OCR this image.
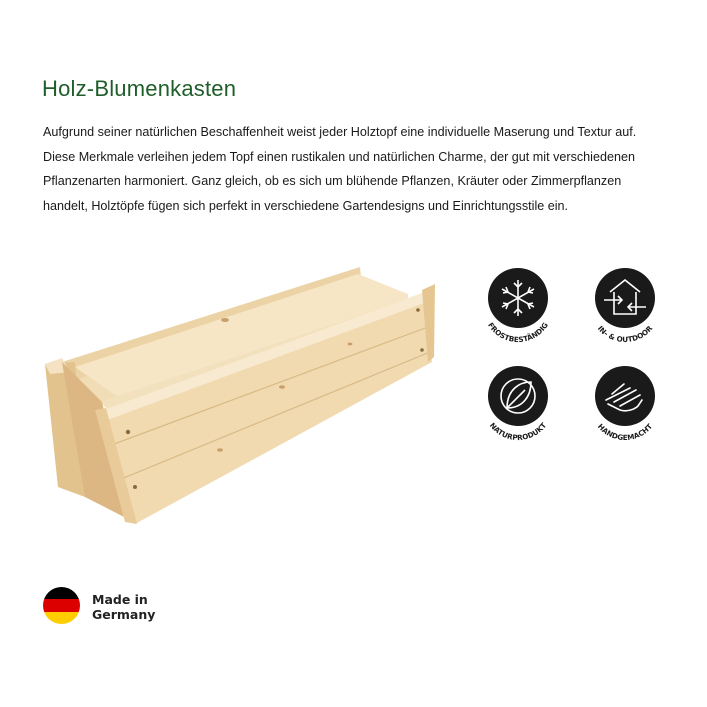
Holz-Blumenkasten
Aufgrund seiner natürlichen Beschaffenheit weist jeder Holztopf eine individuelle Maserung und Textur auf. Diese Merkmale verleihen jedem Topf einen rustikalen und natürlichen Charme, der gut mit verschiedenen Pflanzenarten harmoniert. Ganz gleich, ob es sich um blühende Pflanzen, Kräuter oder Zimmerpflanzen handelt, Holztöpfe fügen sich perfekt in verschiedene Gartendesigns und Einrichtungsstile ein.
FROSTBESTÄNDIG	IN- & OUTDOOR
NATURPRODUKT	HANDGEMACHT
Made in
Germany
